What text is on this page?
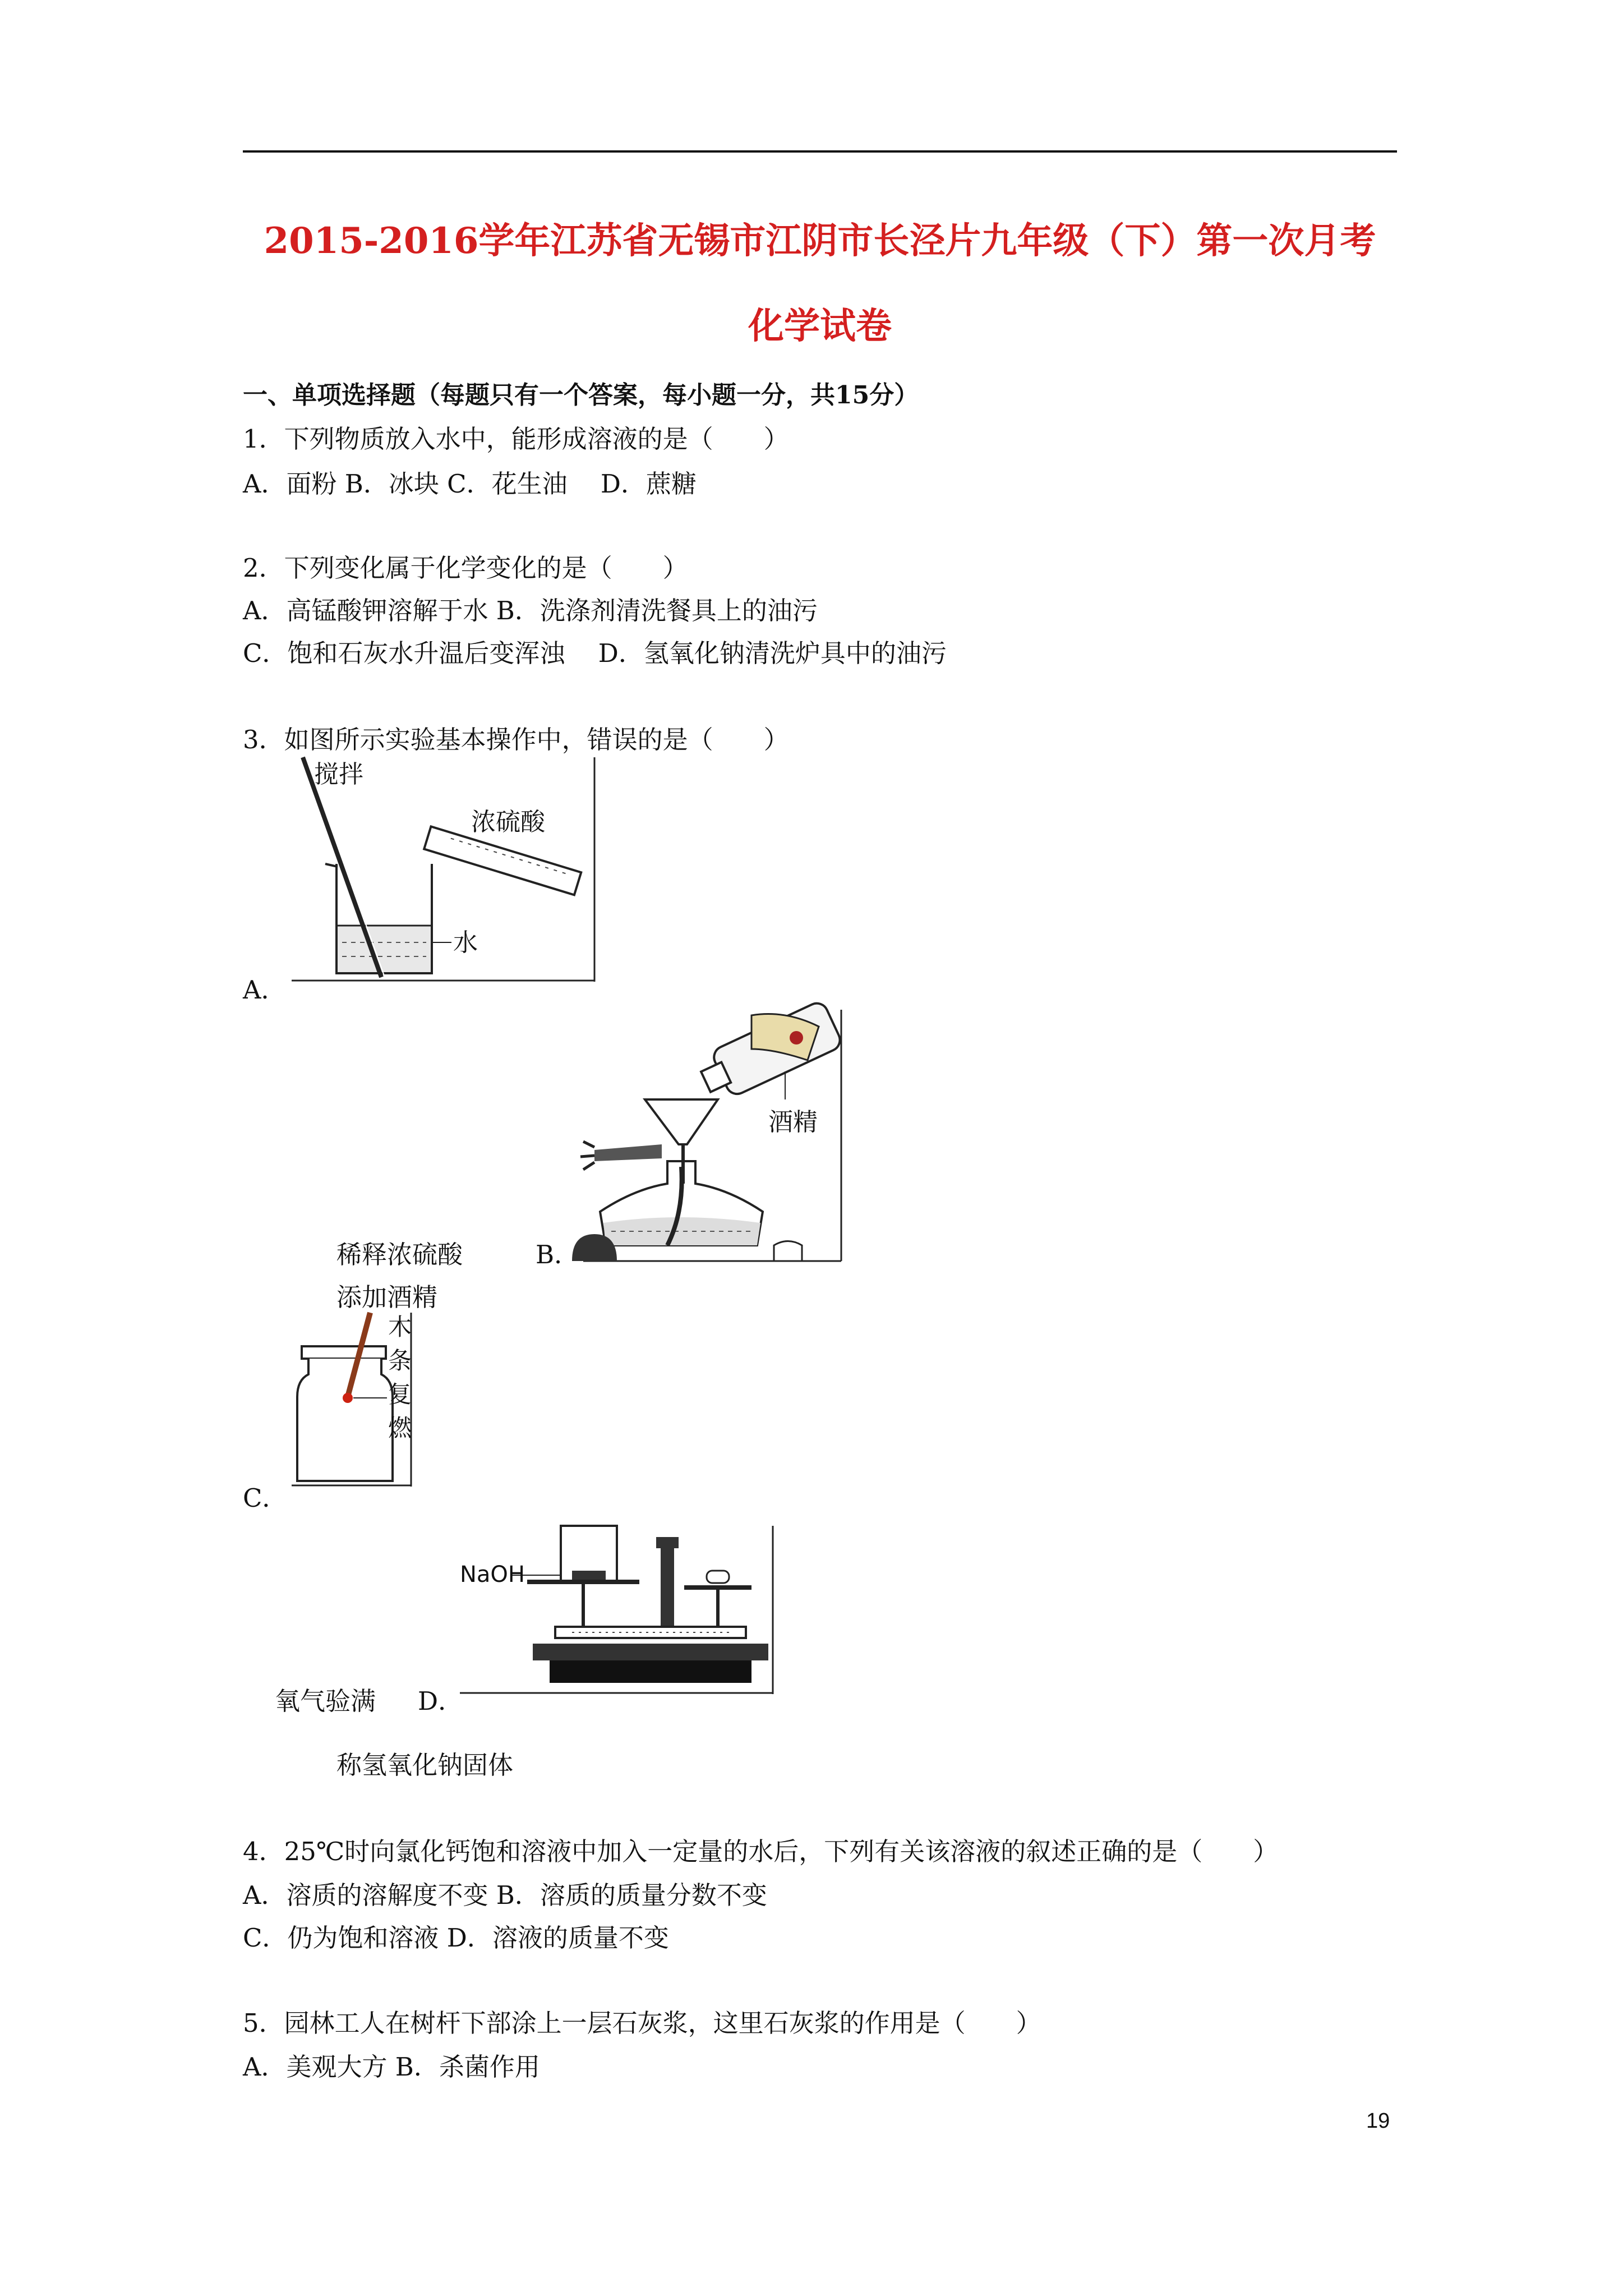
2015-2016学年江苏省无锡市江阴市长泾片九年级（下）第一次月考
化学试卷
一、单项选择题（每题只有一个答案，每小题一分，共15分）
1．下列物质放入水中，能形成溶液的是（　　）
A．面粉 B．冰块 C．花生油　 D．蔗糖
2．下列变化属于化学变化的是（　　）
A．高锰酸钾溶解于水 B．洗涤剂清洗餐具上的油污
C．饱和石灰水升温后变浑浊　 D．氢氧化钠清洗炉具中的油污
3．如图所示实验基本操作中，错误的是（　　）
搅拌
浓硫酸
水
A．
酒精
稀释浓硫酸	B．
添加酒精
木
条
复
燃
C．
NaOH
氧气验满 D．
称氢氧化钠固体
4．25℃时向氯化钙饱和溶液中加入一定量的水后，下列有关该溶液的叙述正确的是（　　）
A．溶质的溶解度不变 B．溶质的质量分数不变
C．仍为饱和溶液 D．溶液的质量不变
5．园林工人在树杆下部涂上一层石灰浆，这里石灰浆的作用是（　　）
A．美观大方 B．杀菌作用
19
